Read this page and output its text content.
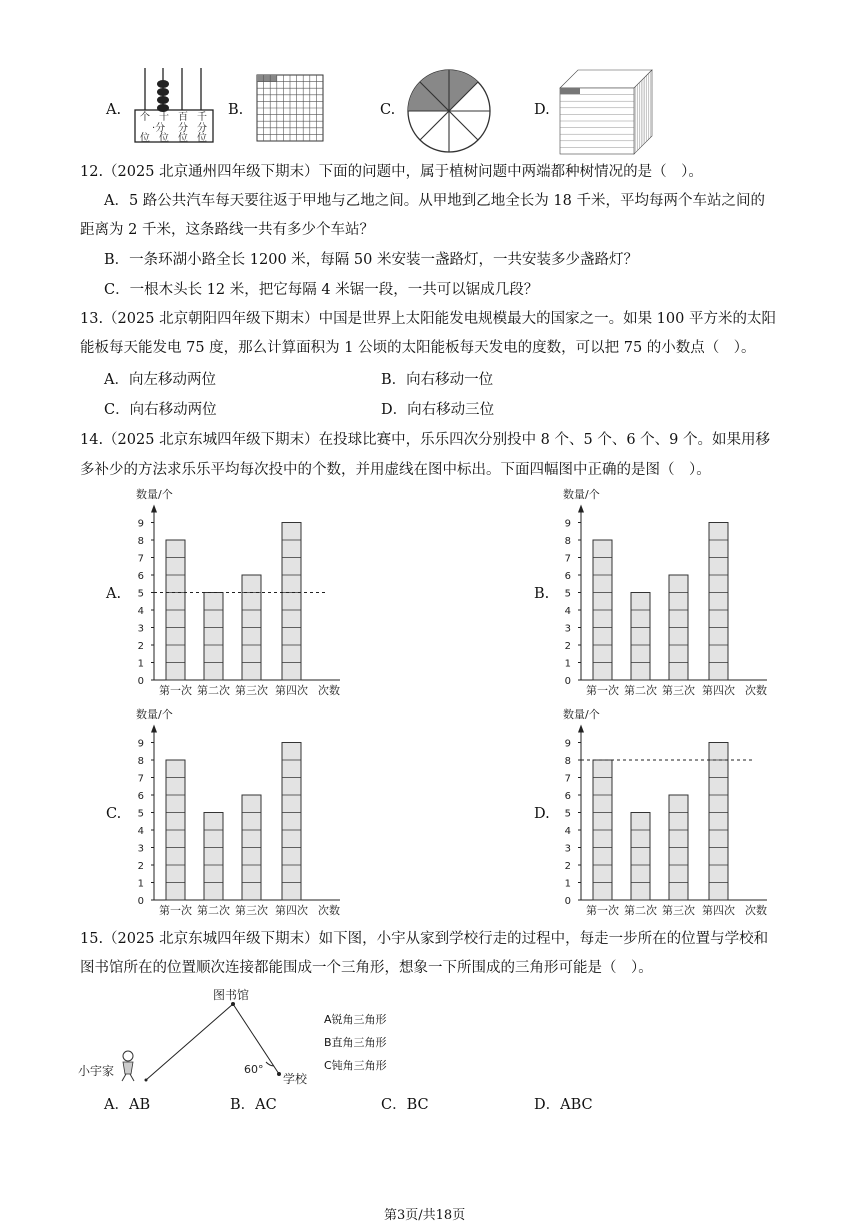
A. 个 十 百 千
·分 分 分
位 位 位 位
B.	C.	D.
12.（2025 北京通州四年级下期末）下面的问题中，属于植树问题中两端都种树情况的是（　）。
A．5 路公共汽车每天要往返于甲地与乙地之间。从甲地到乙地全长为 18 千米，平均每两个车站之间的
距离为 2 千米，这条路线一共有多少个车站？
B．一条环湖小路全长 1200 米，每隔 50 米安装一盏路灯，一共安装多少盏路灯？
C．一根木头长 12 米，把它每隔 4 米锯一段，一共可以锯成几段？
13.（2025 北京朝阳四年级下期末）中国是世界上太阳能发电规模最大的国家之一。如果 100 平方米的太阳
能板每天能发电 75 度，那么计算面积为 1 公顷的太阳能板每天发电的度数，可以把 75 的小数点（　）。
A．向左移动两位	B．向右移动一位
C．向右移动两位	D．向右移动三位
14.（2025 北京东城四年级下期末）在投球比赛中，乐乐四次分别投中 8 个、5 个、6 个、9 个。如果用移
多补少的方法求乐乐平均每次投中的个数，并用虚线在图中标出。下面四幅图中正确的是图（　）。
A.	B.
C.	D.
数量/个
0
1
2
3
4
5
6
7
8
9
第一次 第二次 第三次 第四次 次数
数量/个
0
1
2
3
4
5
6
7
8
9
第一次 第二次 第三次 第四次 次数
数量/个
0
1
2
3
4
5
6
7
8
9
第一次 第二次 第三次 第四次 次数
数量/个
0
1
2
3
4
5
6
7
8
9
第一次 第二次 第三次 第四次 次数
15.（2025 北京东城四年级下期末）如下图，小宇从家到学校行走的过程中，每走一步所在的位置与学校和
图书馆所在的位置顺次连接都能围成一个三角形，想象一下所围成的三角形可能是（　）。
图书馆
小宇家
学校
60°
A锐角三角形
B直角三角形
C钝角三角形
A．AB	B．AC	C．BC	D．ABC
第3页/共18页
